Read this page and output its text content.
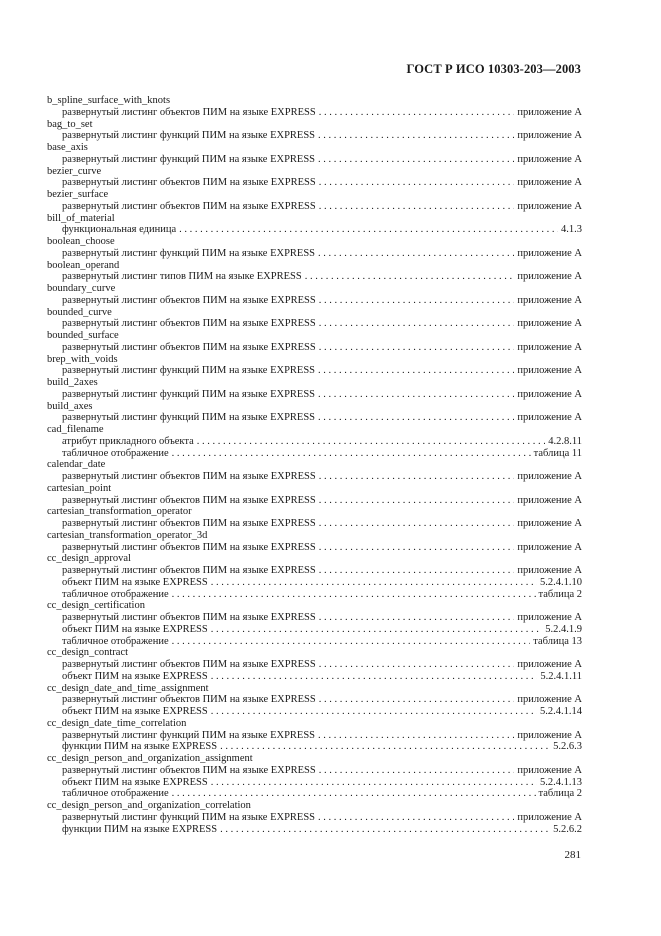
ГОСТ Р ИСО 10303-203—2003
b_spline_surface_with_knots
развернутый листинг объектов ПИМ на языке EXPRESS . . .	приложение А
bag_to_set
развернутый листинг функций ПИМ на языке EXPRESS . . .	приложение А
base_axis
развернутый листинг функций ПИМ на языке EXPRESS . . .	приложение А
bezier_curve
развернутый листинг объектов ПИМ на языке EXPRESS . . .	приложение А
bezier_surface
развернутый листинг объектов ПИМ на языке EXPRESS . . .	приложение А
bill_of_material
функциональная единица . . .	4.1.3
boolean_choose
развернутый листинг функций ПИМ на языке EXPRESS . . .	приложение А
boolean_operand
развернутый листинг типов ПИМ на языке EXPRESS . . .	приложение А
boundary_curve
развернутый листинг объектов ПИМ на языке EXPRESS . . .	приложение А
bounded_curve
развернутый листинг объектов ПИМ на языке EXPRESS . . .	приложение А
bounded_surface
развернутый листинг объектов ПИМ на языке EXPRESS . . .	приложение А
brep_with_voids
развернутый листинг функций ПИМ на языке EXPRESS . . .	приложение А
build_2axes
развернутый листинг функций ПИМ на языке EXPRESS . . .	приложение А
build_axes
развернутый листинг функций ПИМ на языке EXPRESS . . .	приложение А
cad_filename
атрибут прикладного объекта . . .	4.2.8.11
табличное отображение . . .	таблица 11
calendar_date
развернутый листинг объектов ПИМ на языке EXPRESS . . .	приложение А
cartesian_point
развернутый листинг объектов ПИМ на языке EXPRESS . . .	приложение А
cartesian_transformation_operator
развернутый листинг объектов ПИМ на языке EXPRESS . . .	приложение А
cartesian_transformation_operator_3d
развернутый листинг объектов ПИМ на языке EXPRESS . . .	приложение А
cc_design_approval
развернутый листинг объектов ПИМ на языке EXPRESS . . .	приложение А
объект ПИМ на языке EXPRESS . . .	5.2.4.1.10
табличное отображение . . .	таблица 2
cc_design_certification
развернутый листинг объектов ПИМ на языке EXPRESS . . .	приложение А
объект ПИМ на языке EXPRESS . . .	5.2.4.1.9
табличное отображение . . .	таблица 13
cc_design_contract
развернутый листинг объектов ПИМ на языке EXPRESS . . .	приложение А
объект ПИМ на языке EXPRESS . . .	5.2.4.1.11
cc_design_date_and_time_assignment
развернутый листинг объектов ПИМ на языке EXPRESS . . .	приложение А
объект ПИМ на языке EXPRESS . . .	5.2.4.1.14
cc_design_date_time_correlation
развернутый листинг функций ПИМ на языке EXPRESS . . .	приложение А
функции ПИМ на языке EXPRESS . . .	5.2.6.3
cc_design_person_and_organization_assignment
развернутый листинг объектов ПИМ на языке EXPRESS . . .	приложение А
объект ПИМ на языке EXPRESS . . .	5.2.4.1.13
табличное отображение . . .	таблица 2
cc_design_person_and_organization_correlation
развернутый листинг функций ПИМ на языке EXPRESS . . .	приложение А
функции ПИМ на языке EXPRESS . . .	5.2.6.2
281
